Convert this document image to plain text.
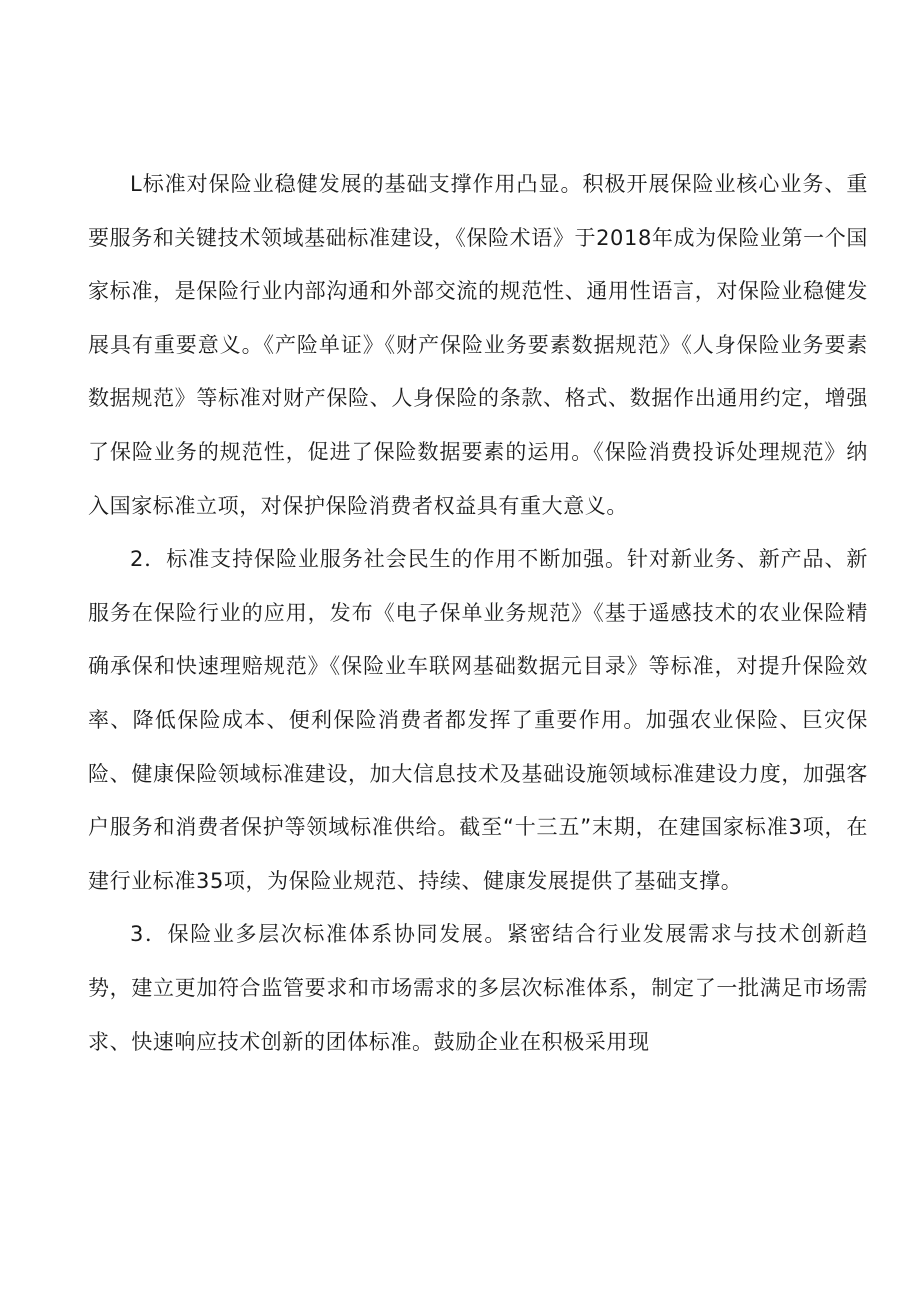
L标准对保险业稳健发展的基础支撑作用凸显。积极开展保险业核心业务、重要服务和关键技术领域基础标准建设，《保险术语》于2018年成为保险业第一个国家标准，是保险行业内部沟通和外部交流的规范性、通用性语言，对保险业稳健发展具有重要意义。《产险单证》《财产保险业务要素数据规范》《人身保险业务要素数据规范》等标准对财产保险、人身保险的条款、格式、数据作出通用约定，增强了保险业务的规范性，促进了保险数据要素的运用。《保险消费投诉处理规范》纳入国家标准立项，对保护保险消费者权益具有重大意义。

2．标准支持保险业服务社会民生的作用不断加强。针对新业务、新产品、新服务在保险行业的应用，发布《电子保单业务规范》《基于遥感技术的农业保险精确承保和快速理赔规范》《保险业车联网基础数据元目录》等标准，对提升保险效率、降低保险成本、便利保险消费者都发挥了重要作用。加强农业保险、巨灾保险、健康保险领域标准建设，加大信息技术及基础设施领域标准建设力度，加强客户服务和消费者保护等领域标准供给。截至“十三五”末期，在建国家标准3项，在建行业标准35项，为保险业规范、持续、健康发展提供了基础支撑。

3．保险业多层次标准体系协同发展。紧密结合行业发展需求与技术创新趋势，建立更加符合监管要求和市场需求的多层次标准体系，制定了一批满足市场需求、快速响应技术创新的团体标准。鼓励企业在积极采用现
